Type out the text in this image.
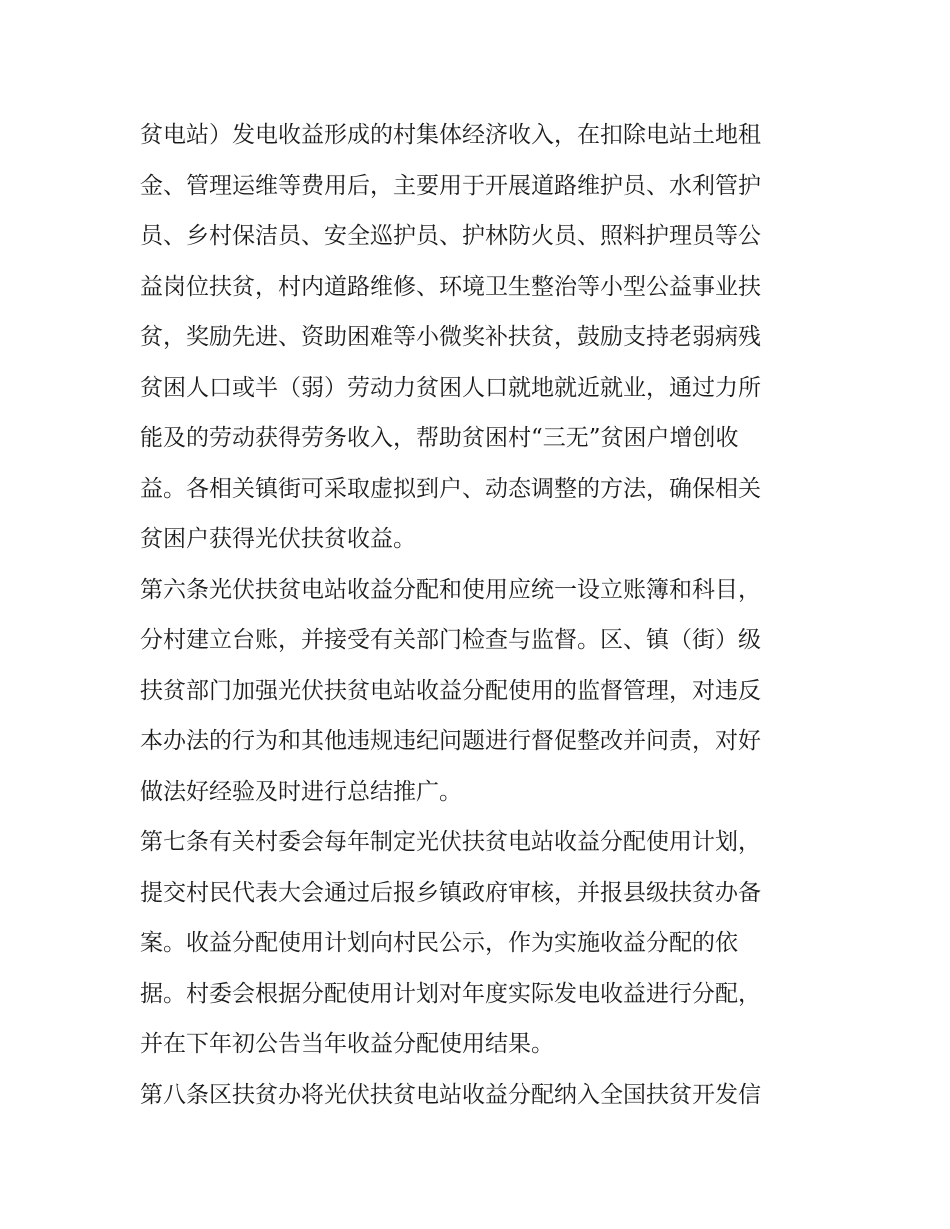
贫电站）发电收益形成的村集体经济收入，在扣除电站土地租
金、管理运维等费用后，主要用于开展道路维护员、水利管护
员、乡村保洁员、安全巡护员、护林防火员、照料护理员等公
益岗位扶贫，村内道路维修、环境卫生整治等小型公益事业扶
贫，奖励先进、资助困难等小微奖补扶贫，鼓励支持老弱病残
贫困人口或半（弱）劳动力贫困人口就地就近就业，通过力所
能及的劳动获得劳务收入，帮助贫困村“三无”贫困户增创收
益。各相关镇街可采取虚拟到户、动态调整的方法，确保相关
贫困户获得光伏扶贫收益。
第六条光伏扶贫电站收益分配和使用应统一设立账簿和科目，
分村建立台账，并接受有关部门检查与监督。区、镇（街）级
扶贫部门加强光伏扶贫电站收益分配使用的监督管理，对违反
本办法的行为和其他违规违纪问题进行督促整改并问责，对好
做法好经验及时进行总结推广。
第七条有关村委会每年制定光伏扶贫电站收益分配使用计划，
提交村民代表大会通过后报乡镇政府审核，并报县级扶贫办备
案。收益分配使用计划向村民公示，作为实施收益分配的依
据。村委会根据分配使用计划对年度实际发电收益进行分配，
并在下年初公告当年收益分配使用结果。
第八条区扶贫办将光伏扶贫电站收益分配纳入全国扶贫开发信
